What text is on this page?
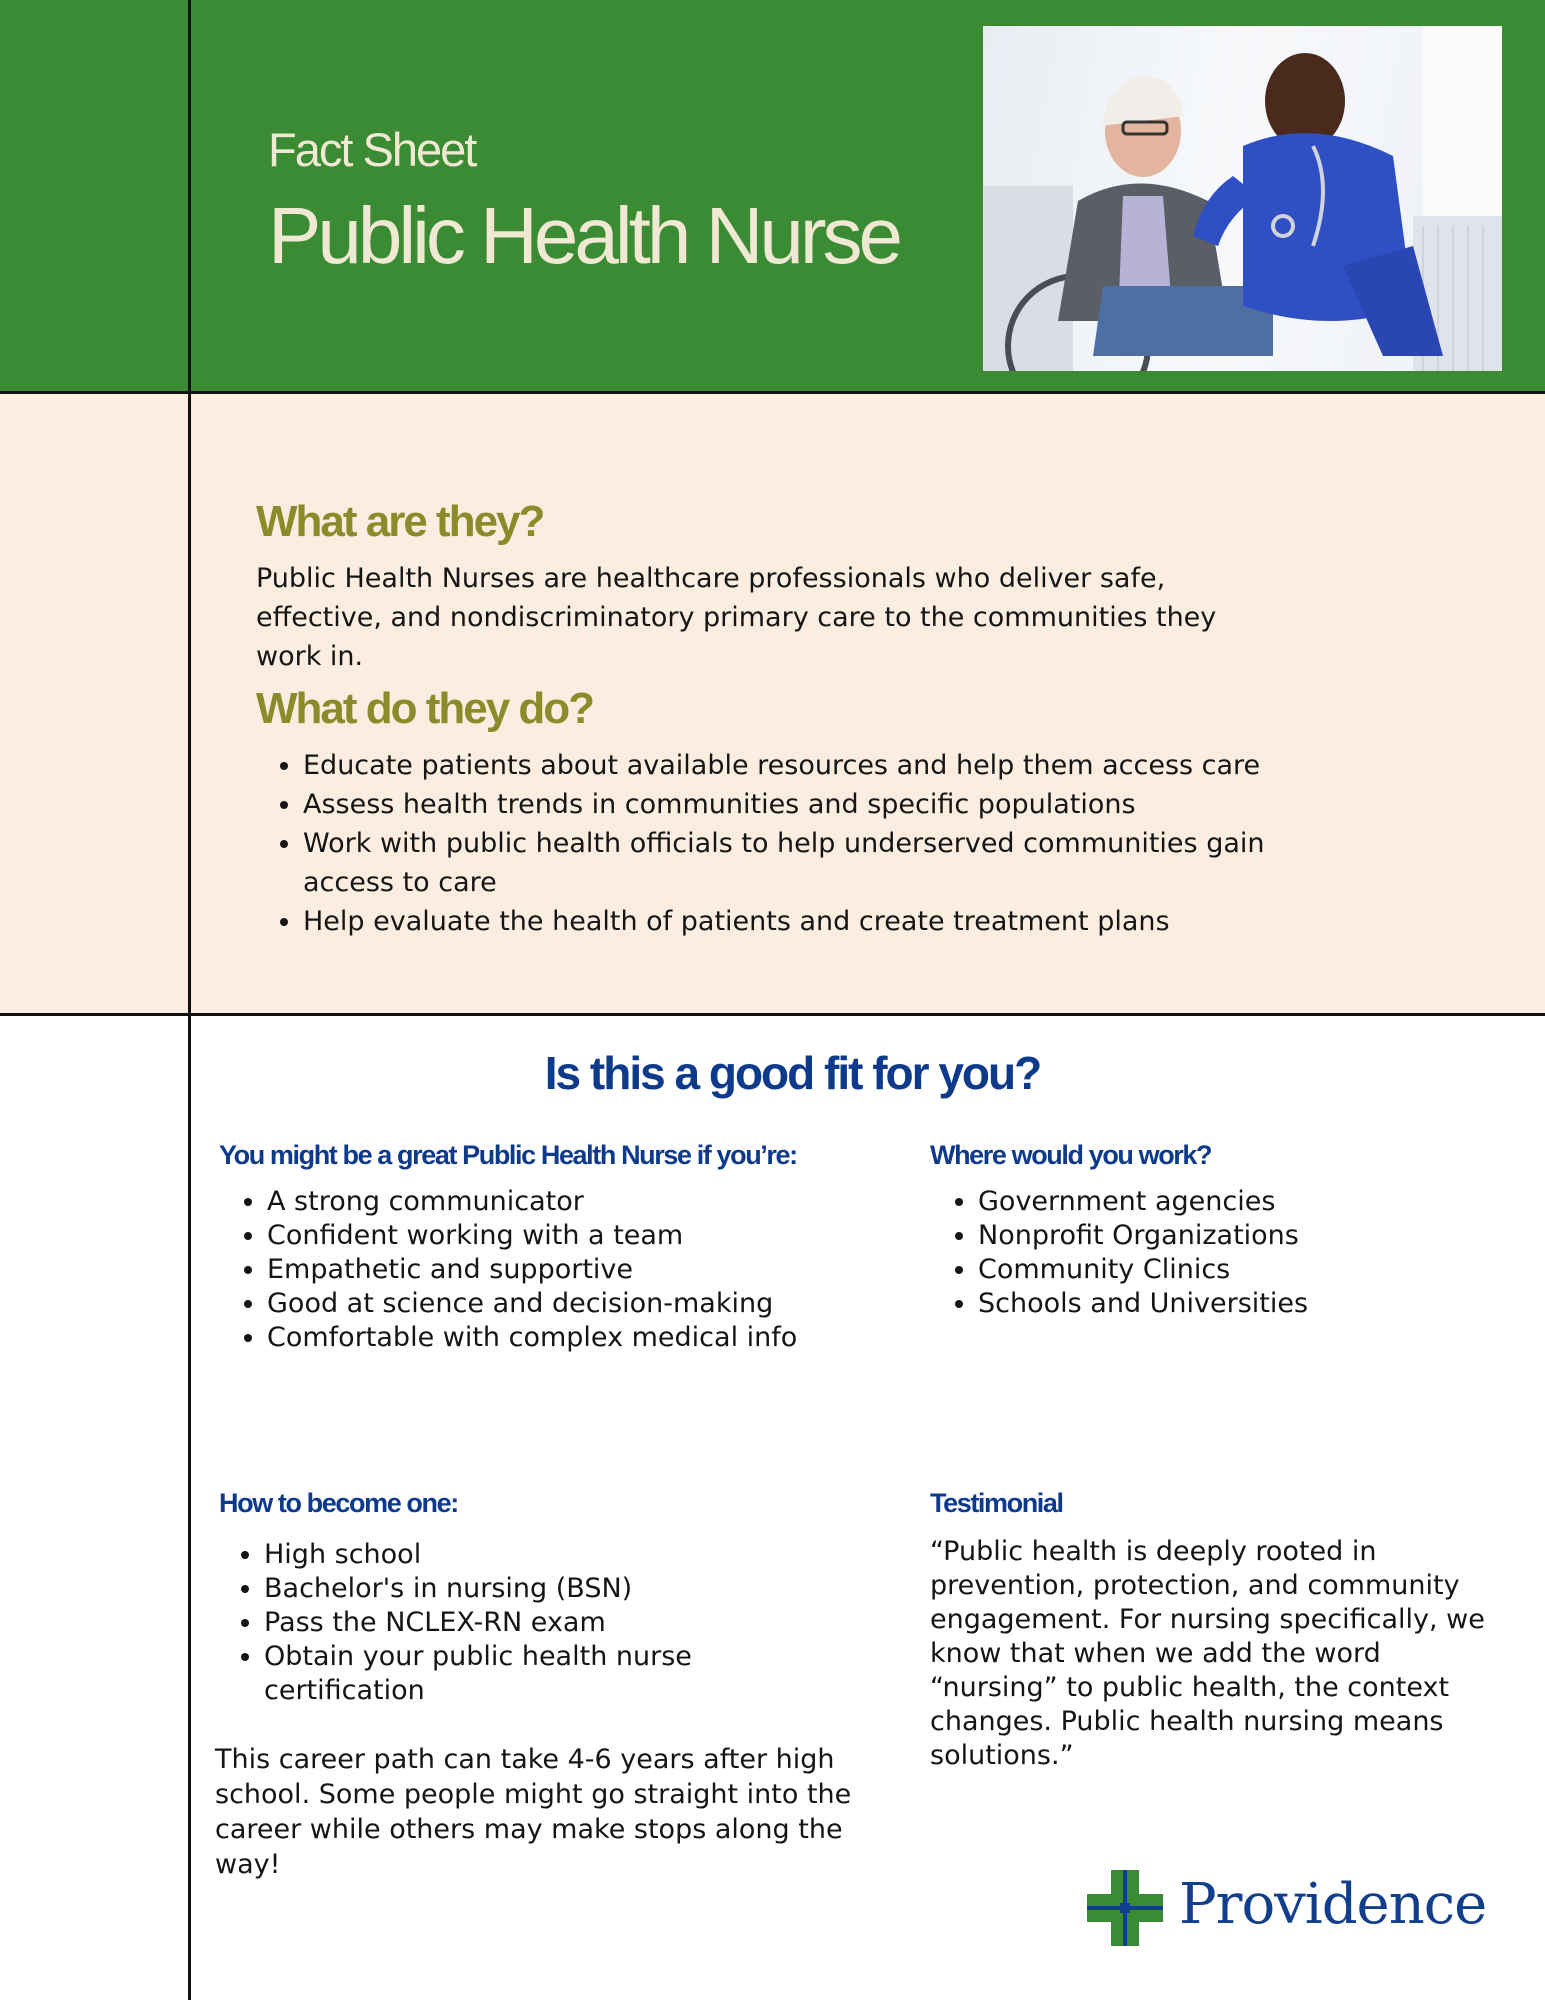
Fact Sheet
Public Health Nurse
What are they?

Public Health Nurses are healthcare professionals who deliver safe, effective, and nondiscriminatory primary care to the communities they work in.

What do they do?
• Educate patients about available resources and help them access care
• Assess health trends in communities and specific populations
• Work with public health officials to help underserved communities gain access to care
• Help evaluate the health of patients and create treatment plans
Is this a good fit for you?
You might be a great Public Health Nurse if you’re:
• A strong communicator
• Confident working with a team
• Empathetic and supportive
• Good at science and decision-making
• Comfortable with complex medical info
Where would you work?
• Government agencies
• Nonprofit Organizations
• Community Clinics
• Schools and Universities
How to become one:
• High school
• Bachelor's in nursing (BSN)
• Pass the NCLEX-RN exam
• Obtain your public health nurse certification

This career path can take 4-6 years after high school. Some people might go straight into the career while others may make stops along the way!

Testimonial

“Public health is deeply rooted in prevention, protection, and community engagement. For nursing specifically, we know that when we add the word “nursing” to public health, the context changes. Public health nursing means solutions.”

Providence
